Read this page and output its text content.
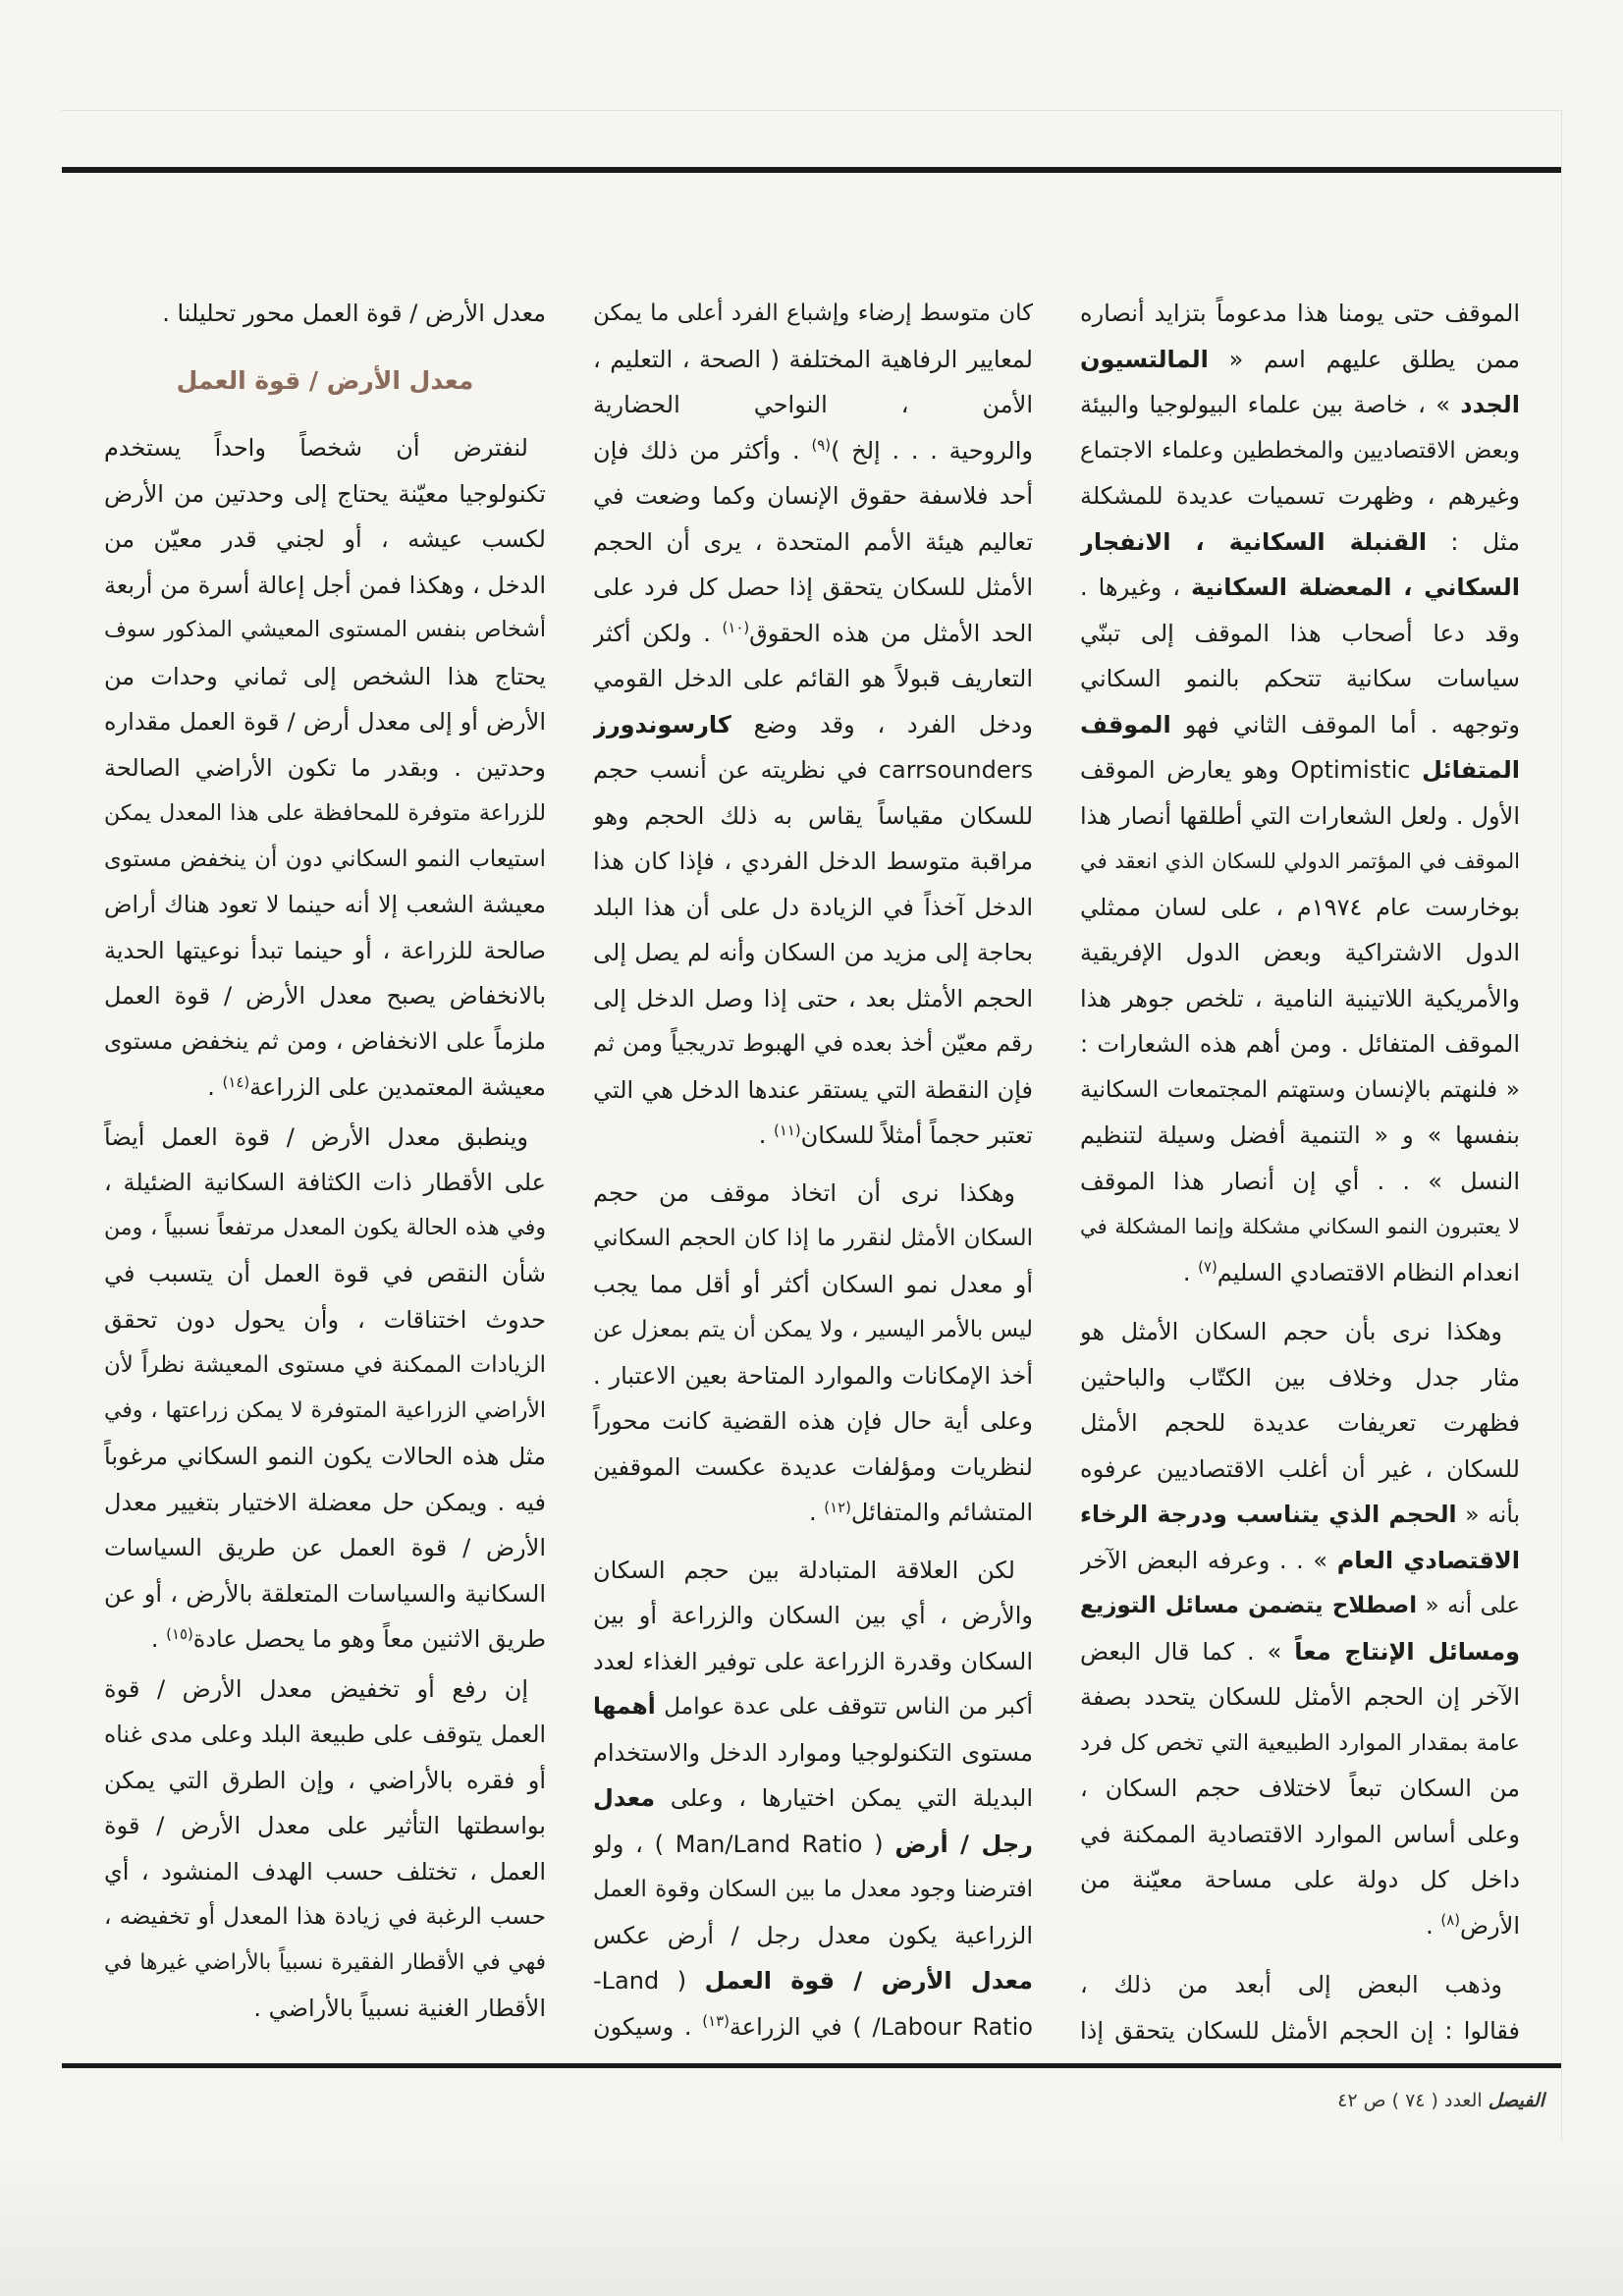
معدل الأرض / قوة العمل محور تحليلنا .
معدل الأرض / قوة العمل
لنفترض أن شخصاً واحداً يستخدم
تكنولوجيا معيّنة يحتاج إلى وحدتين من الأرض
لكسب عيشه ، أو لجني قدر معيّن من
الدخل ، وهكذا فمن أجل إعالة أسرة من أربعة
أشخاص بنفس المستوى المعيشي المذكور سوف
يحتاج هذا الشخص إلى ثماني وحدات من
الأرض أو إلى معدل أرض / قوة العمل مقداره
وحدتين . وبقدر ما تكون الأراضي الصالحة
للزراعة متوفرة للمحافظة على هذا المعدل يمكن
استيعاب النمو السكاني دون أن ينخفض مستوى
معيشة الشعب إلا أنه حينما لا تعود هناك أراض
صالحة للزراعة ، أو حينما تبدأ نوعيتها الحدية
بالانخفاض يصبح معدل الأرض / قوة العمل
ملزماً على الانخفاض ، ومن ثم ينخفض مستوى
معيشة المعتمدين على الزراعة$^{(١٤)}$ .
وينطبق معدل الأرض / قوة العمل أيضاً
على الأقطار ذات الكثافة السكانية الضئيلة ،
وفي هذه الحالة يكون المعدل مرتفعاً نسبياً ، ومن
شأن النقص في قوة العمل أن يتسبب في
حدوث اختناقات ، وأن يحول دون تحقق
الزيادات الممكنة في مستوى المعيشة نظراً لأن
الأراضي الزراعية المتوفرة لا يمكن زراعتها ، وفي
مثل هذه الحالات يكون النمو السكاني مرغوباً
فيه . ويمكن حل معضلة الاختيار بتغيير معدل
الأرض / قوة العمل عن طريق السياسات
السكانية والسياسات المتعلقة بالأرض ، أو عن
طريق الاثنين معاً وهو ما يحصل عادة$^{(١٥)}$ .
إن رفع أو تخفيض معدل الأرض / قوة
العمل يتوقف على طبيعة البلد وعلى مدى غناه
أو فقره بالأراضي ، وإن الطرق التي يمكن
بواسطتها التأثير على معدل الأرض / قوة
العمل ، تختلف حسب الهدف المنشود ، أي
حسب الرغبة في زيادة هذا المعدل أو تخفيضه ،
فهي في الأقطار الفقيرة نسبياً بالأراضي غيرها في
الأقطار الغنية نسبياً بالأراضي .
كان متوسط إرضاء وإشباع الفرد أعلى ما يمكن
لمعايير الرفاهية المختلفة ( الصحة ، التعليم ،
الأمن ، النواحي الحضارية
والروحية . . . إلخ )$^{(٩)}$ . وأكثر من ذلك فإن
أحد فلاسفة حقوق الإنسان وكما وضعت في
تعاليم هيئة الأمم المتحدة ، يرى أن الحجم
الأمثل للسكان يتحقق إذا حصل كل فرد على
الحد الأمثل من هذه الحقوق$^{(١٠)}$ . ولكن أكثر
التعاريف قبولاً هو القائم على الدخل القومي
ودخل الفرد ، وقد وضع كارسوندورز
carrsounders في نظريته عن أنسب حجم
للسكان مقياساً يقاس به ذلك الحجم وهو
مراقبة متوسط الدخل الفردي ، فإذا كان هذا
الدخل آخذاً في الزيادة دل على أن هذا البلد
بحاجة إلى مزيد من السكان وأنه لم يصل إلى
الحجم الأمثل بعد ، حتى إذا وصل الدخل إلى
رقم معيّن أخذ بعده في الهبوط تدريجياً ومن ثم
فإن النقطة التي يستقر عندها الدخل هي التي
تعتبر حجماً أمثلاً للسكان$^{(١١)}$ .
وهكذا نرى أن اتخاذ موقف من حجم
السكان الأمثل لنقرر ما إذا كان الحجم السكاني
أو معدل نمو السكان أكثر أو أقل مما يجب
ليس بالأمر اليسير ، ولا يمكن أن يتم بمعزل عن
أخذ الإمكانات والموارد المتاحة بعين الاعتبار .
وعلى أية حال فإن هذه القضية كانت محوراً
لنظريات ومؤلفات عديدة عكست الموقفين
المتشائم والمتفائل$^{(١٢)}$ .
لكن العلاقة المتبادلة بين حجم السكان
والأرض ، أي بين السكان والزراعة أو بين
السكان وقدرة الزراعة على توفير الغذاء لعدد
أكبر من الناس تتوقف على عدة عوامل أهمها
مستوى التكنولوجيا وموارد الدخل والاستخدام
البديلة التي يمكن اختيارها ، وعلى معدل
رجل / أرض ( Man/Land Ratio ) ، ولو
افترضنا وجود معدل ما بين السكان وقوة العمل
الزراعية يكون معدل رجل / أرض عكس
معدل الأرض / قوة العمل ( Land-
Labour Ratio/ ) في الزراعة$^{(١٣)}$ . وسيكون
الموقف حتى يومنا هذا مدعوماً بتزايد أنصاره
ممن يطلق عليهم اسم « المالتسيون
الجدد » ، خاصة بين علماء البيولوجيا والبيئة
وبعض الاقتصاديين والمخططين وعلماء الاجتماع
وغيرهم ، وظهرت تسميات عديدة للمشكلة
مثل : القنبلة السكانية ، الانفجار
السكاني ، المعضلة السكانية ، وغيرها .
وقد دعا أصحاب هذا الموقف إلى تبنّي
سياسات سكانية تتحكم بالنمو السكاني
وتوجهه . أما الموقف الثاني فهو الموقف
المتفائل Optimistic وهو يعارض الموقف
الأول . ولعل الشعارات التي أطلقها أنصار هذا
الموقف في المؤتمر الدولي للسكان الذي انعقد في
بوخارست عام ١٩٧٤م ، على لسان ممثلي
الدول الاشتراكية وبعض الدول الإفريقية
والأمريكية اللاتينية النامية ، تلخص جوهر هذا
الموقف المتفائل . ومن أهم هذه الشعارات :
« فلنهتم بالإنسان وستهتم المجتمعات السكانية
بنفسها » و « التنمية أفضل وسيلة لتنظيم
النسل » . . أي إن أنصار هذا الموقف
لا يعتبرون النمو السكاني مشكلة وإنما المشكلة في
انعدام النظام الاقتصادي السليم$^{(٧)}$ .
وهكذا نرى بأن حجم السكان الأمثل هو
مثار جدل وخلاف بين الكتّاب والباحثين
فظهرت تعريفات عديدة للحجم الأمثل
للسكان ، غير أن أغلب الاقتصاديين عرفوه
بأنه « الحجم الذي يتناسب ودرجة الرخاء
الاقتصادي العام » . . وعرفه البعض الآخر
على أنه « اصطلاح يتضمن مسائل التوزيع
ومسائل الإنتاج معاً » . كما قال البعض
الآخر إن الحجم الأمثل للسكان يتحدد بصفة
عامة بمقدار الموارد الطبيعية التي تخص كل فرد
من السكان تبعاً لاختلاف حجم السكان ،
وعلى أساس الموارد الاقتصادية الممكنة في
داخل كل دولة على مساحة معيّنة من
الأرض$^{(٨)}$ .
وذهب البعض إلى أبعد من ذلك ،
فقالوا : إن الحجم الأمثل للسكان يتحقق إذا
الفيصل العدد ( ٧٤ ) ص ٤٢
